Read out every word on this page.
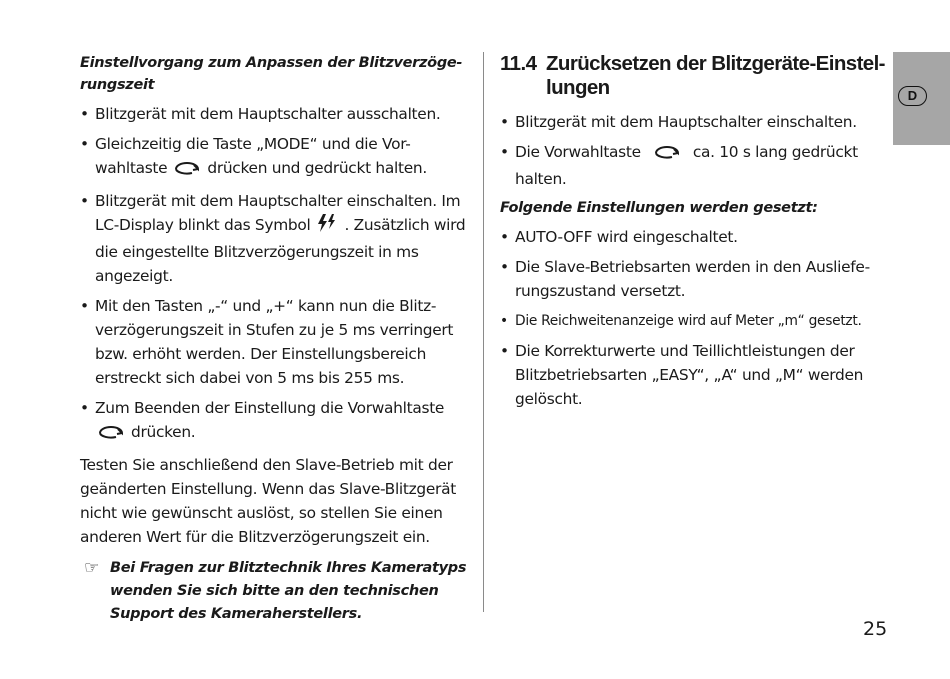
Einstellvorgang zum Anpassen der Blitzverzöge-rungszeit

• Blitzgerät mit dem Hauptschalter ausschalten.
• Gleichzeitig die Taste „MODE“ und die Vor-wahltaste	drücken und gedrückt halten.
• Blitzgerät mit dem Hauptschalter einschalten. Im LC-Display blinkt das Symbol . Zusätzlich wird die eingestellte Blitzverzögerungszeit in ms angezeigt.
• Mit den Tasten „-“ und „+“ kann nun die Blitz-verzögerungszeit in Stufen zu je 5 ms verringert bzw. erhöht werden. Der Einstellungsbereich erstreckt sich dabei von 5 ms bis 255 ms.
• Zum Beenden der Einstellung die Vorwahltaste
drücken.

Testen Sie anschließend den Slave-Betrieb mit der geänderten Einstellung. Wenn das Slave-Blitzgerät nicht wie gewünscht auslöst, so stellen Sie einen anderen Wert für die Blitzverzögerungszeit ein.

☞ Bei Fragen zur Blitztechnik Ihres Kameratyps wenden Sie sich bitte an den technischen Support des Kameraherstellers.
11.4 Zurücksetzen der Blitzgeräte-Einstel-lungen
• Blitzgerät mit dem Hauptschalter einschalten.
• Die Vorwahltaste	ca. 10 s lang gedrückt halten.

Folgende Einstellungen werden gesetzt:

• AUTO-OFF wird eingeschaltet.
• Die Slave-Betriebsarten werden in den Ausliefe-rungszustand versetzt.
• Die Reichweitenanzeige wird auf Meter „m“ gesetzt.
• Die Korrekturwerte und Teillichtleistungen der Blitzbetriebsarten „EASY“, „A“ und „M“ werden gelöscht.
D
25
